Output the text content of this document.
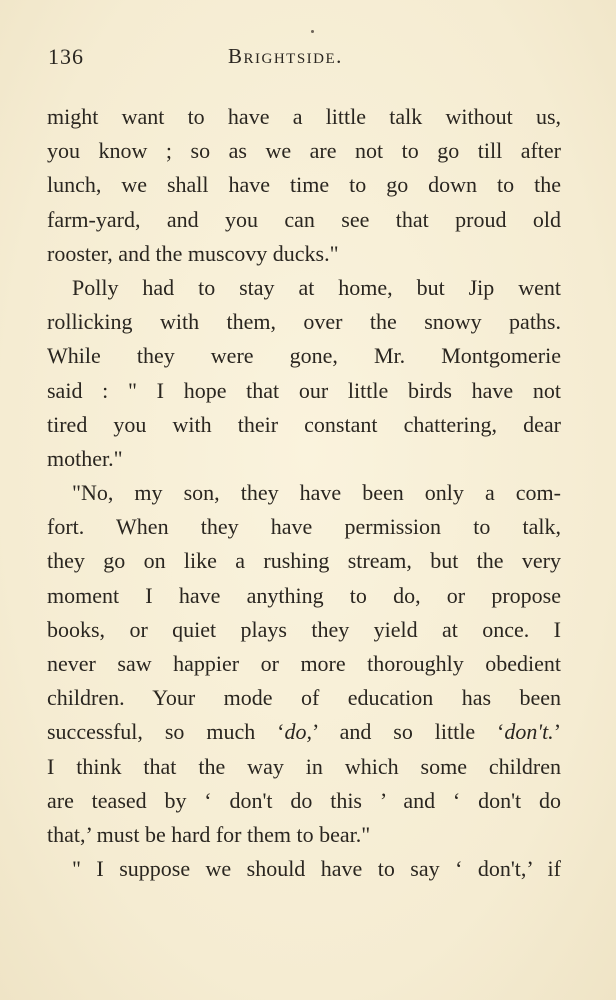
136	Brightside.
might want to have a little talk without us,
you know ; so as we are not to go till after
lunch, we shall have time to go down to the
farm-yard, and you can see that proud old
rooster, and the muscovy ducks."
Polly had to stay at home, but Jip went
rollicking with them, over the snowy paths.
While they were gone, Mr. Montgomerie
said : " I hope that our little birds have not
tired you with their constant chattering, dear
mother."
"No, my son, they have been only a com-
fort. When they have permission to talk,
they go on like a rushing stream, but the very
moment I have anything to do, or propose
books, or quiet plays they yield at once. I
never saw happier or more thoroughly obedient
children. Your mode of education has been
successful, so much ‘do,’ and so little ‘don't.’
I think that the way in which some children
are teased by ‘ don't do this ’ and ‘ don't do
that,’ must be hard for them to bear."
" I suppose we should have to say ‘ don't,’ if
